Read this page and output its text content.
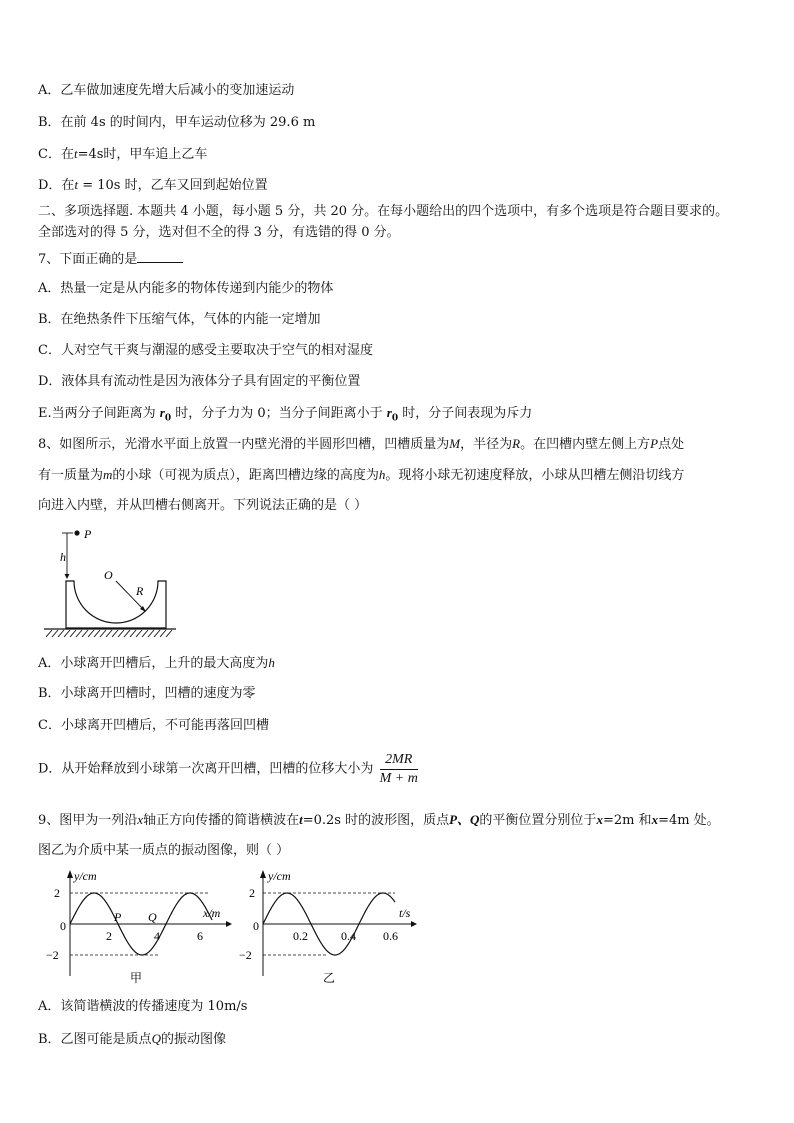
A．乙车做加速度先增大后减小的变加速运动
B．在前 4s 的时间内，甲车运动位移为 29.6 m
C．在t=4s时，甲车追上乙车
D．在t = 10s 时，乙车又回到起始位置
二、多项选择题. 本题共 4 小题，每小题 5 分，共 20 分。在每小题给出的四个选项中，有多个选项是符合题目要求的。
全部选对的得 5 分，选对但不全的得 3 分，有选错的得 0 分。
7、下面正确的是
A．热量一定是从内能多的物体传递到内能少的物体
B．在绝热条件下压缩气体，气体的内能一定增加
C．人对空气干爽与潮湿的感受主要取决于空气的相对湿度
D．液体具有流动性是因为液体分子具有固定的平衡位置
E.当两分子间距离为 $r_0$ 时，分子力为 0；当分子间距离小于 $r_0$ 时，分子间表现为斥力
8、如图所示，光滑水平面上放置一内壁光滑的半圆形凹槽，凹槽质量为M，半径为R。在凹槽内壁左侧上方P点处
有一质量为m的小球（可视为质点），距离凹槽边缘的高度为h。现将小球无初速度释放，小球从凹槽左侧沿切线方
向进入内壁，并从凹槽右侧离开。下列说法正确的是（ ）
P
h
O
R
A．小球离开凹槽后，上升的最大高度为h
B．小球离开凹槽时，凹槽的速度为零
C．小球离开凹槽后，不可能再落回凹槽
D．从开始释放到小球第一次离开凹槽，凹槽的位移大小为 $\frac{2MR}{M + m}$
9、图甲为一列沿x轴正方向传播的简谐横波在t=0.2s 时的波形图，质点P、Q的平衡位置分别位于x=2m 和x=4m 处。
图乙为介质中某一质点的振动图像，则（ ）
y/cm
x/m
2
0
−2
2	4	6
P Q
甲
y/cm
t/s
2
0
−2
0.2	0.4 0.6
乙
A．该简谐横波的传播速度为 10m/s
B．乙图可能是质点Q的振动图像
